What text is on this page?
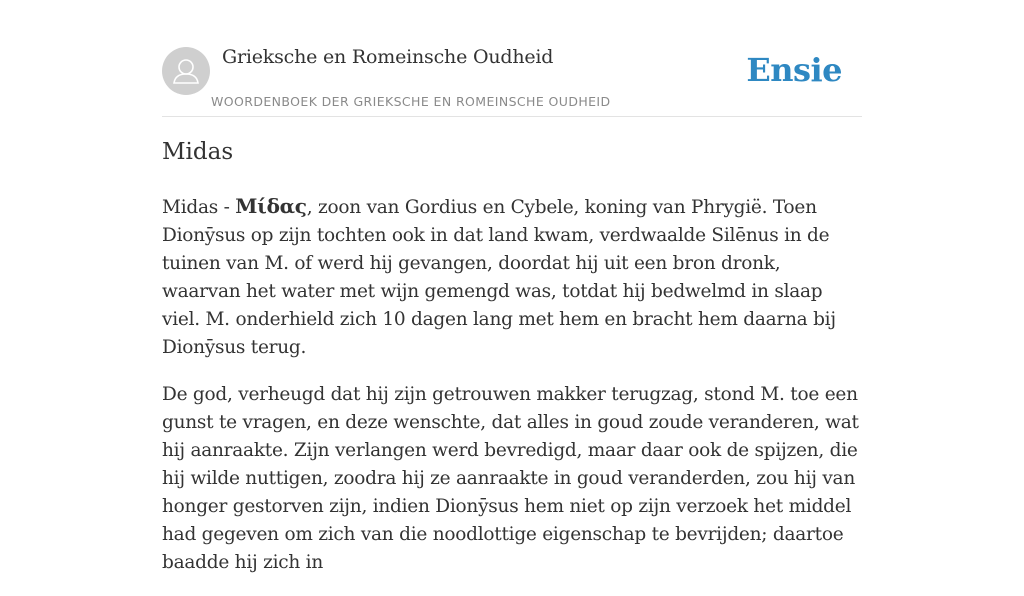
Grieksche en Romeinsche Oudheid
WOORDENBOEK DER GRIEKSCHE EN ROMEINSCHE OUDHEID
Ensie
Midas

Midas - Μίδας, zoon van Gordius en Cybele, koning van Phrygië. Toen Dionȳsus op zijn tochten ook in dat land kwam, verdwaalde Silēnus in de tuinen van M. of werd hij gevangen, doordat hij uit een bron dronk, waarvan het water met wijn gemengd was, totdat hij bedwelmd in slaap viel. M. onderhield zich 10 dagen lang met hem en bracht hem daarna bij Dionȳsus terug.

De god, verheugd dat hij zijn getrouwen makker terugzag, stond M. toe een gunst te vragen, en deze wenschte, dat alles in goud zoude veranderen, wat hij aanraakte. Zijn verlangen werd bevredigd, maar daar ook de spijzen, die hij wilde nuttigen, zoodra hij ze aanraakte in goud veranderden, zou hij van honger gestorven zijn, indien Dionȳsus hem niet op zijn verzoek het middel had gegeven om zich van die noodlottige eigenschap te bevrijden; daartoe baadde hij zich in
